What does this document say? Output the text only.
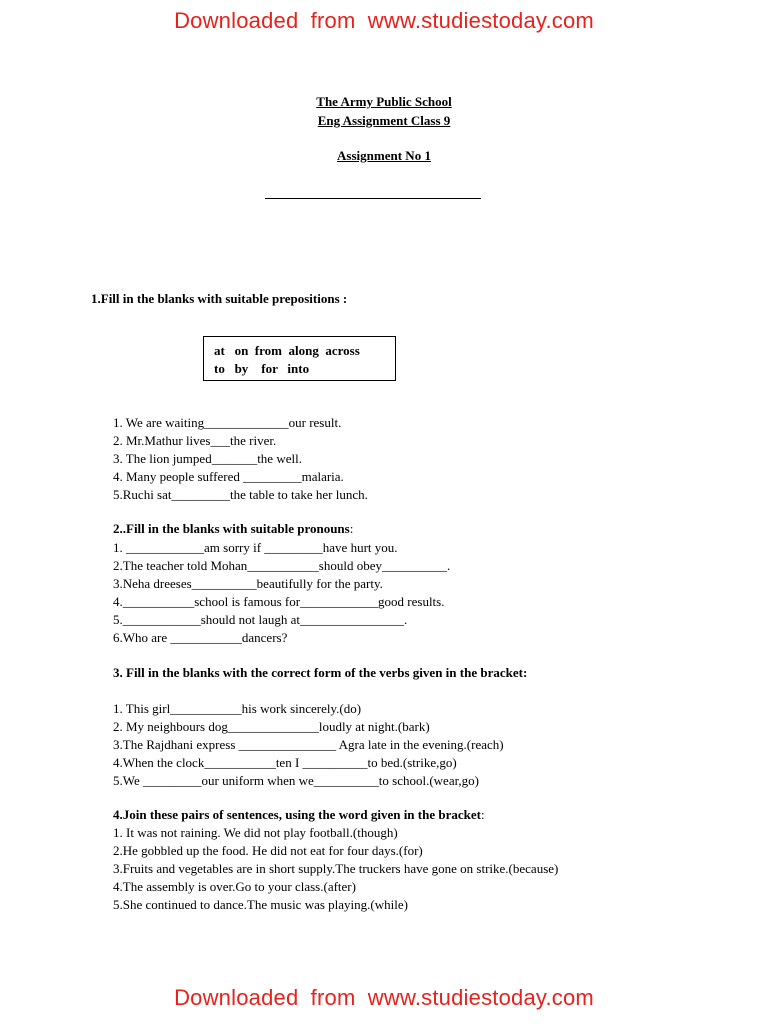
Downloaded from www.studiestoday.com
The Army Public School
Eng Assignment Class 9
Assignment No 1
1.Fill in the blanks with suitable prepositions :
at   on  from  along  across
to   by    for   into
1. We are waiting_____________our result.
2. Mr.Mathur lives___the river.
3. The lion jumped_______the well.
4. Many people suffered _________malaria.
5.Ruchi sat_________the table to take her lunch.
2..Fill in the blanks with suitable pronouns:
1. ____________am sorry if _________have hurt you.
2.The teacher told Mohan___________should obey__________.
3.Neha dreeses__________beautifully for the party.
4.___________school is famous for____________good results.
5.____________should not laugh at________________.
6.Who are ___________dancers?
3. Fill in the blanks with the correct form of the verbs given in the bracket:
1. This girl___________his work sincerely.(do)
2. My neighbours dog______________loudly at night.(bark)
3.The Rajdhani express _______________ Agra late in the evening.(reach)
4.When the clock___________ten I __________to bed.(strike,go)
5.We _________our uniform when we__________to school.(wear,go)
4.Join these pairs of sentences, using the word given in the bracket:
1. It was not raining. We did not play football.(though)
2.He gobbled up the food. He did not eat for four days.(for)
3.Fruits and vegetables are in short supply.The truckers have gone on strike.(because)
4.The assembly is over.Go to your class.(after)
5.She continued to dance.The music was playing.(while)
Downloaded from www.studiestoday.com
